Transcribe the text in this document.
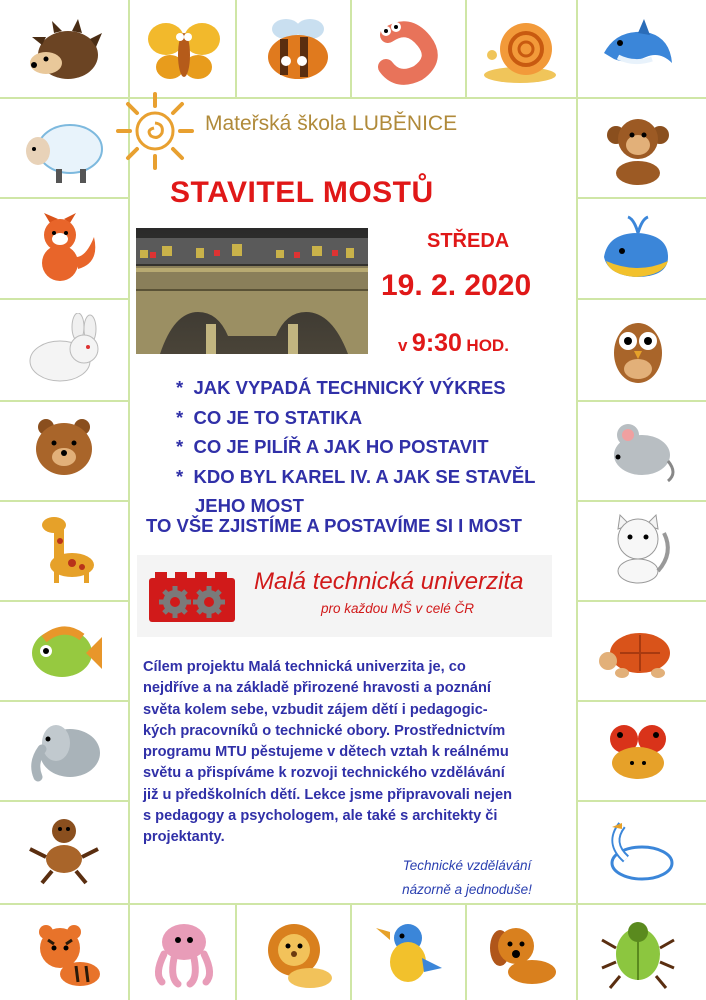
Mateřská škola LUBĚNICE
STAVITEL MOSTŮ
STŘEDA
19. 2. 2020
v 9:30 HOD.
* JAK VYPADÁ TECHNICKÝ VÝKRES
* CO JE TO STATIKA
* CO JE PILÍŘ A JAK HO POSTAVIT
* KDO BYL KAREL IV. A JAK SE STAVĚL
JEHO MOST
TO VŠE ZJISTÍME A POSTAVÍME SI I MOST
Malá technická univerzita
pro každou MŠ v celé ČR

Cílem projektu Malá technická univerzita je, co
nejdříve a na základě přirozené hravosti a poznání
světa kolem sebe, vzbudit zájem dětí i pedagogic-
kých pracovníků o technické obory. Prostřednictvím
programu MTU pěstujeme v dětech vztah k reálnému
světu a přispíváme k rozvoji technického vzdělávání
již u předškolních dětí. Lekce jsme připravovali nejen
s pedagogy a psychologem, ale také s architekty či
projektanty.

Technické vzdělávání
názorně a jednoduše!
